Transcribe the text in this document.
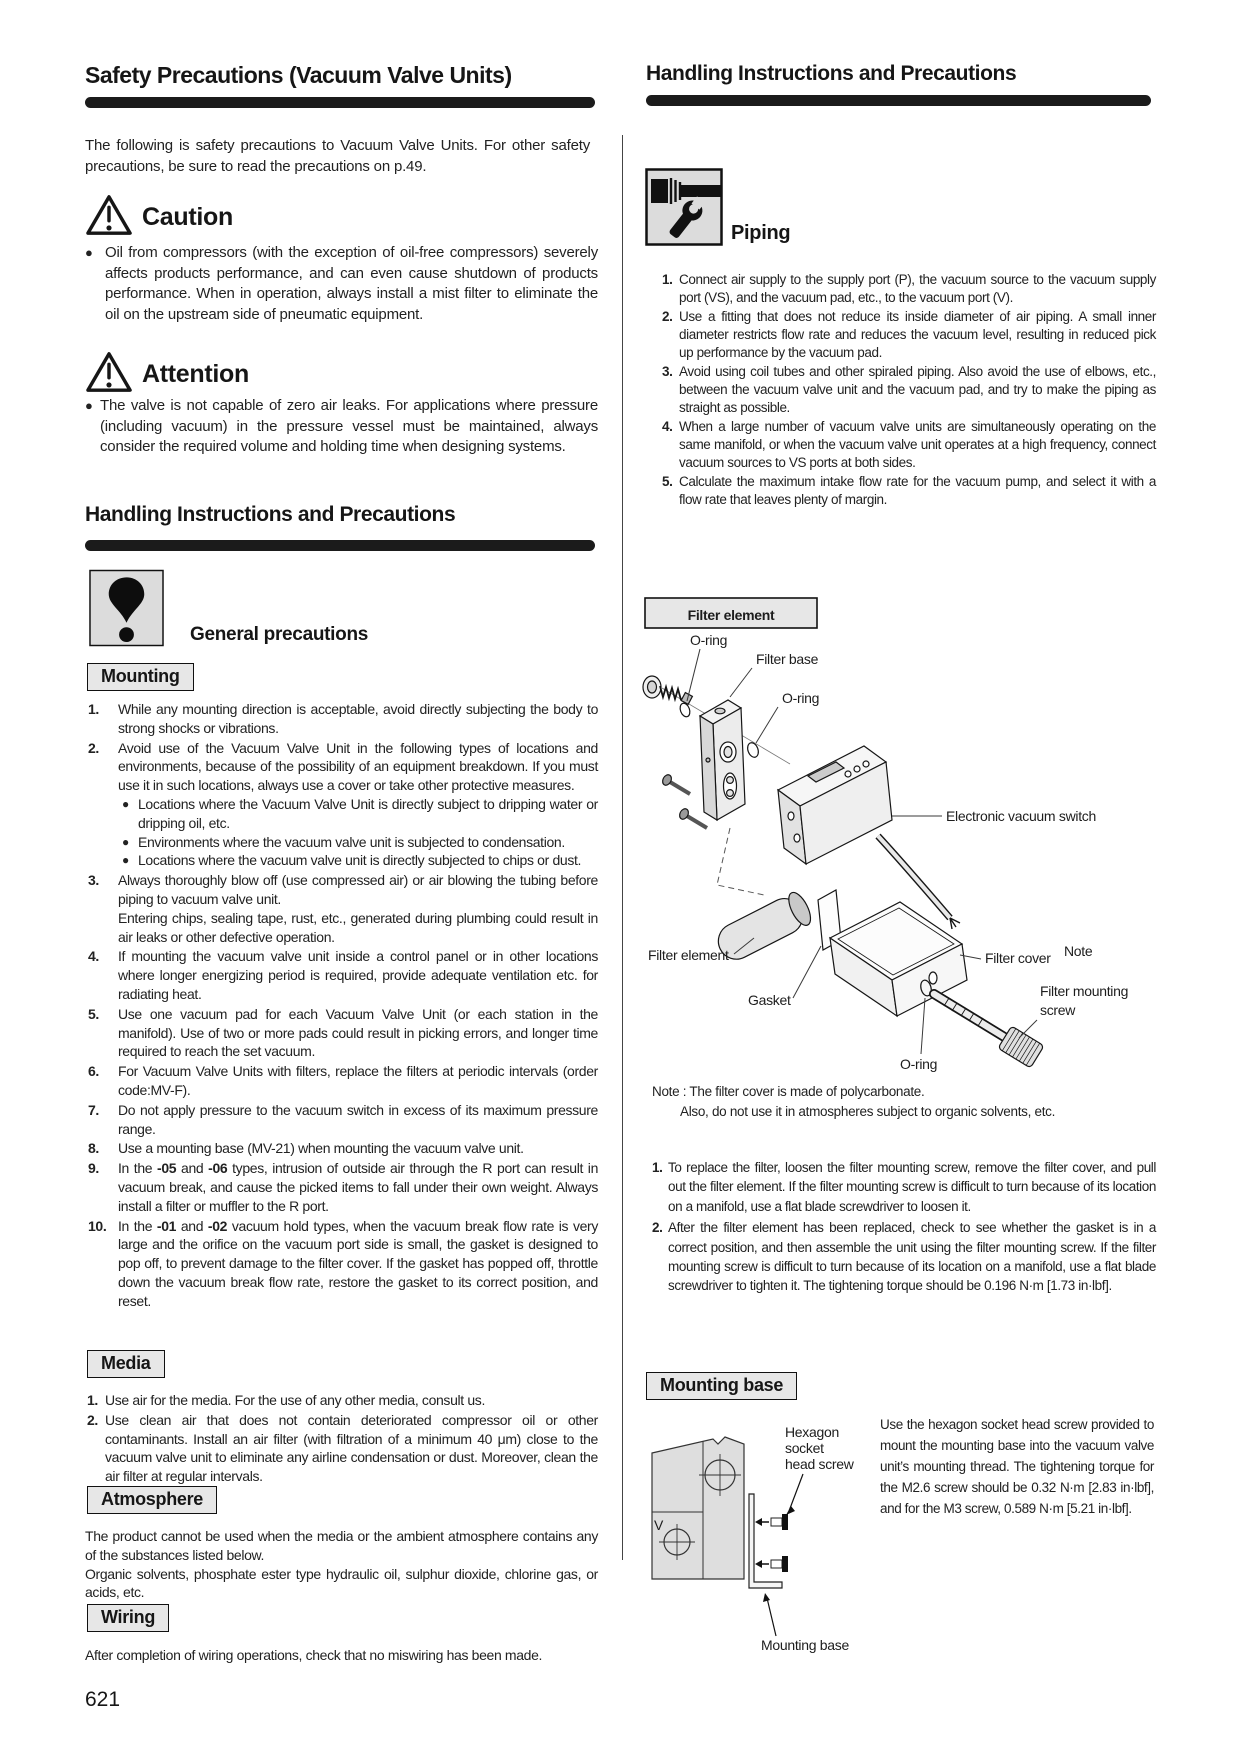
Safety Precautions (Vacuum Valve Units)
The following is safety precautions to Vacuum Valve Units. For other safety precautions, be sure to read the precautions on p.49.
Caution
● Oil from compressors (with the exception of oil-free compressors) severely affects products performance, and can even cause shutdown of products performance. When in operation, always install a mist filter to eliminate the oil on the upstream side of pneumatic equipment.
Attention
● The valve is not capable of zero air leaks. For applications where pressure (including vacuum) in the pressure vessel must be maintained, always consider the required volume and holding time when designing systems.
Handling Instructions and Precautions
General precautions
Mounting
1.	While any mounting direction is acceptable, avoid directly subjecting the body to strong shocks or vibrations.
2.	Avoid use of the Vacuum Valve Unit in the following types of locations and environments, because of the possibility of an equipment breakdown. If you must use it in such locations, always use a cover or take other protective measures.
● Locations where the Vacuum Valve Unit is directly subject to dripping water or dripping oil, etc.
● Environments where the vacuum valve unit is subjected to condensation.
● Locations where the vacuum valve unit is directly subjected to chips or dust.
3.	Always thoroughly blow off (use compressed air) or air blowing the tubing before piping to vacuum valve unit.
Entering chips, sealing tape, rust, etc., generated during plumbing could result in air leaks or other defective operation.
4.	If mounting the vacuum valve unit inside a control panel or in other locations where longer energizing period is required, provide adequate ventilation etc. for radiating heat.
5.	Use one vacuum pad for each Vacuum Valve Unit (or each station in the manifold). Use of two or more pads could result in picking errors, and longer time required to reach the set vacuum.
6.	For Vacuum Valve Units with filters, replace the filters at periodic intervals (order code:MV-F).
7.	Do not apply pressure to the vacuum switch in excess of its maximum pressure range.
8.	Use a mounting base (MV-21) when mounting the vacuum valve unit.
9.	In the -05 and -06 types, intrusion of outside air through the R port can result in vacuum break, and cause the picked items to fall under their own weight. Always install a filter or muffler to the R port.
10. In the -01 and -02 vacuum hold types, when the vacuum break flow rate is very large and the orifice on the vacuum port side is small, the gasket is designed to pop off, to prevent damage to the filter cover. If the gasket has popped off, throttle down the vacuum break flow rate, restore the gasket to its correct position, and reset.
Media
1. Use air for the media. For the use of any other media, consult us.
2. Use clean air that does not contain deteriorated compressor oil or other contaminants. Install an air filter (with filtration of a minimum 40 μm) close to the vacuum valve unit to eliminate any airline condensation or dust. Moreover, clean the air filter at regular intervals.
Atmosphere
The product cannot be used when the media or the ambient atmosphere contains any of the substances listed below.
Organic solvents, phosphate ester type hydraulic oil, sulphur dioxide, chlorine gas, or acids, etc.
Wiring
After completion of wiring operations, check that no miswiring has been made.
621
Handling Instructions and Precautions
Piping
1. Connect air supply to the supply port (P), the vacuum source to the vacuum supply port (VS), and the vacuum pad, etc., to the vacuum port (V).
2. Use a fitting that does not reduce its inside diameter of air piping. A small inner diameter restricts flow rate and reduces the vacuum level, resulting in reduced pick up performance by the vacuum pad.
3. Avoid using coil tubes and other spiraled piping. Also avoid the use of elbows, etc., between the vacuum valve unit and the vacuum pad, and try to make the piping as straight as possible.
4. When a large number of vacuum valve units are simultaneously operating on the same manifold, or when the vacuum valve unit operates at a high frequency, connect vacuum sources to VS ports at both sides.
5. Calculate the maximum intake flow rate for the vacuum pump, and select it with a flow rate that leaves plenty of margin.
Filter element
O-ring
Filter base
O-ring
Electronic vacuum switch
Filter element
Gasket
Filter cover Note
O-ring
Filter mounting
screw
Note : The filter cover is made of polycarbonate.
Also, do not use it in atmospheres subject to organic solvents, etc.
1. To replace the filter, loosen the filter mounting screw, remove the filter cover, and pull out the filter element. If the filter mounting screw is difficult to turn because of its location on a manifold, use a flat blade screwdriver to loosen it.
2. After the filter element has been replaced, check to see whether the gasket is in a correct position, and then assemble the unit using the filter mounting screw. If the filter mounting screw is difficult to turn because of its location on a manifold, use a flat blade screwdriver to tighten it. The tightening torque should be 0.196 N·m [1.73 in·lbf].
Mounting base
V
Hexagon
socket
head screw
Mounting base
Use the hexagon socket head screw provided to mount the mounting base into the vacuum valve unit’s mounting thread. The tightening torque for the M2.6 screw should be 0.32 N·m [2.83 in·lbf], and for the M3 screw, 0.589 N·m [5.21 in·lbf].
